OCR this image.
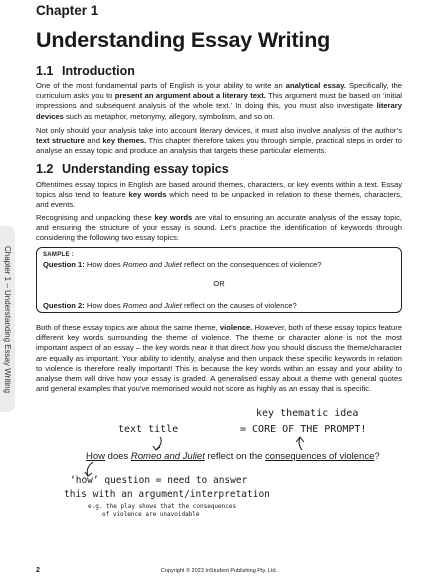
Chapter 1 – Understanding Essay Writing
Chapter 1
Understanding Essay Writing
1.1 Introduction
One of the most fundamental parts of English is your ability to write an analytical essay. Specifically, the curriculum asks you to present an argument about a literary text. This argument must be based on ‘initial impressions and subsequent analysis of the whole text.’ In doing this, you must also investigate literary devices such as metaphor, metonymy, allegory, symbolism, and so on.
Not only should your analysis take into account literary devices, it must also involve analysis of the author’s text structure and key themes. This chapter therefore takes you through simple, practical steps in order to analyse an essay topic and produce an analysis that targets these particular elements.
1.2 Understanding essay topics
Oftentimes essay topics in English are based around themes, characters, or key events within a text. Essay topics also tend to feature key words which need to be unpacked in relation to these themes, characters, and events.
Recognising and unpacking these key words are vital to ensuring an accurate analysis of the essay topic, and ensuring the structure of your essay is sound. Let’s practice the identification of keywords through considering the following two essay topics:
SAMPLE :
Question 1: How does Romeo and Juliet reflect on the consequences of violence?
OR
Question 2: How does Romeo and Juliet reflect on the causes of violence?
Both of these essay topics are about the same theme, violence. However, both of these essay topics feature different key words surrounding the theme of violence. The theme or character alone is not the most important aspect of an essay – the key words near it that direct how you should discuss the theme/character are equally as important. Your ability to identify, analyse and then unpack these specific keywords in relation to violence is therefore really important! This is because the key words within an essay and your ability to analyse them will drive how your essay is graded. A generalised essay about a theme with general quotes and general examples that you’ve memorised would not score as highly as an essay that is specific.
text title
key thematic idea
= CORE OF THE PROMPT!
How does Romeo and Juliet reflect on the consequences of violence?
‘how’ question = need to answer
this with an argument/interpretation
e.g. the play shows that the consequences
of violence are unavoidable
2	Copyright © 2023 InStudent Publishing Pty. Ltd.
